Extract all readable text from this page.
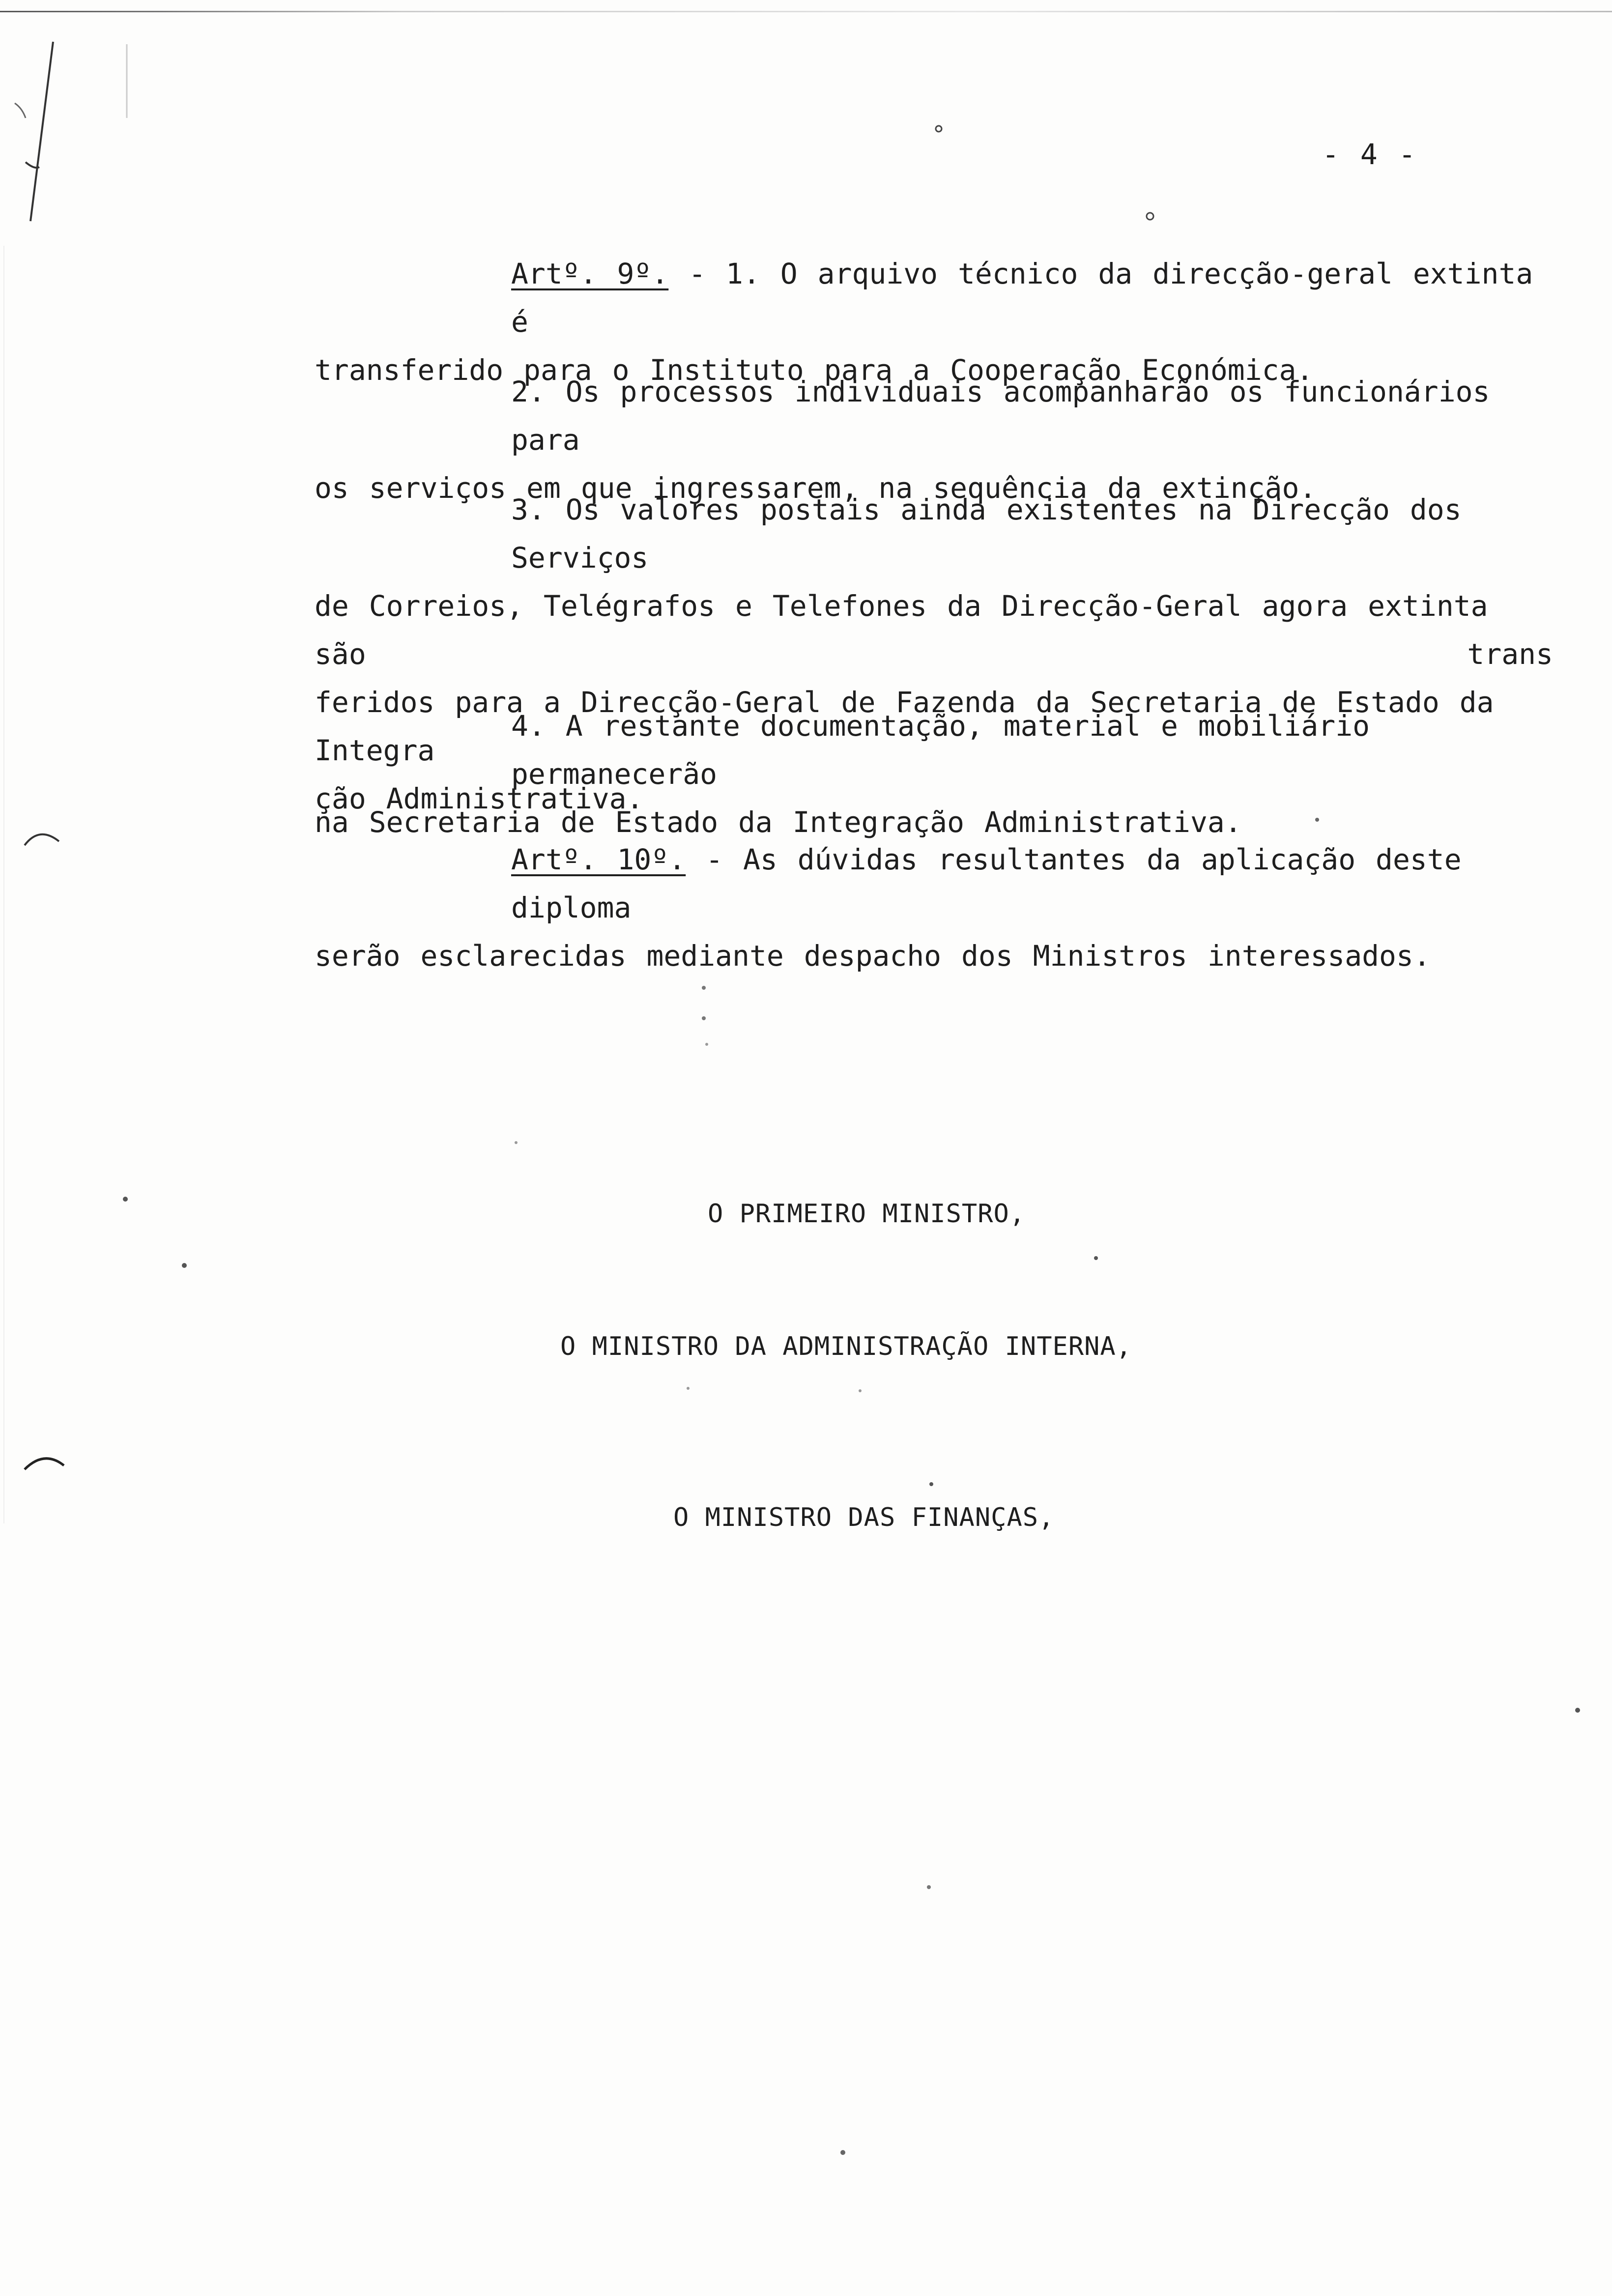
- 4 -

Artº. 9º. - 1. O arquivo técnico da direcção-geral extinta é
transferido para o Instituto para a Cooperação Económica.

2. Os processos individuais acompanharão os funcionários para
os serviços em que ingressarem, na sequência da extinção.

3. Os valores postais ainda existentes na Direcção dos Serviços
de Correios, Telégrafos e Telefones da Direcção-Geral agora extinta são trans
feridos para a Direcção-Geral de Fazenda da Secretaria de Estado da Integra
ção Administrativa.

4. A restante documentação, material e mobiliário permanecerão
na Secretaria de Estado da Integração Administrativa.

Artº. 10º. - As dúvidas resultantes da aplicação deste diploma
serão esclarecidas mediante despacho dos Ministros interessados.

O PRIMEIRO MINISTRO,
O MINISTRO DA ADMINISTRAÇÃO INTERNA,
O MINISTRO DAS FINANÇAS,
